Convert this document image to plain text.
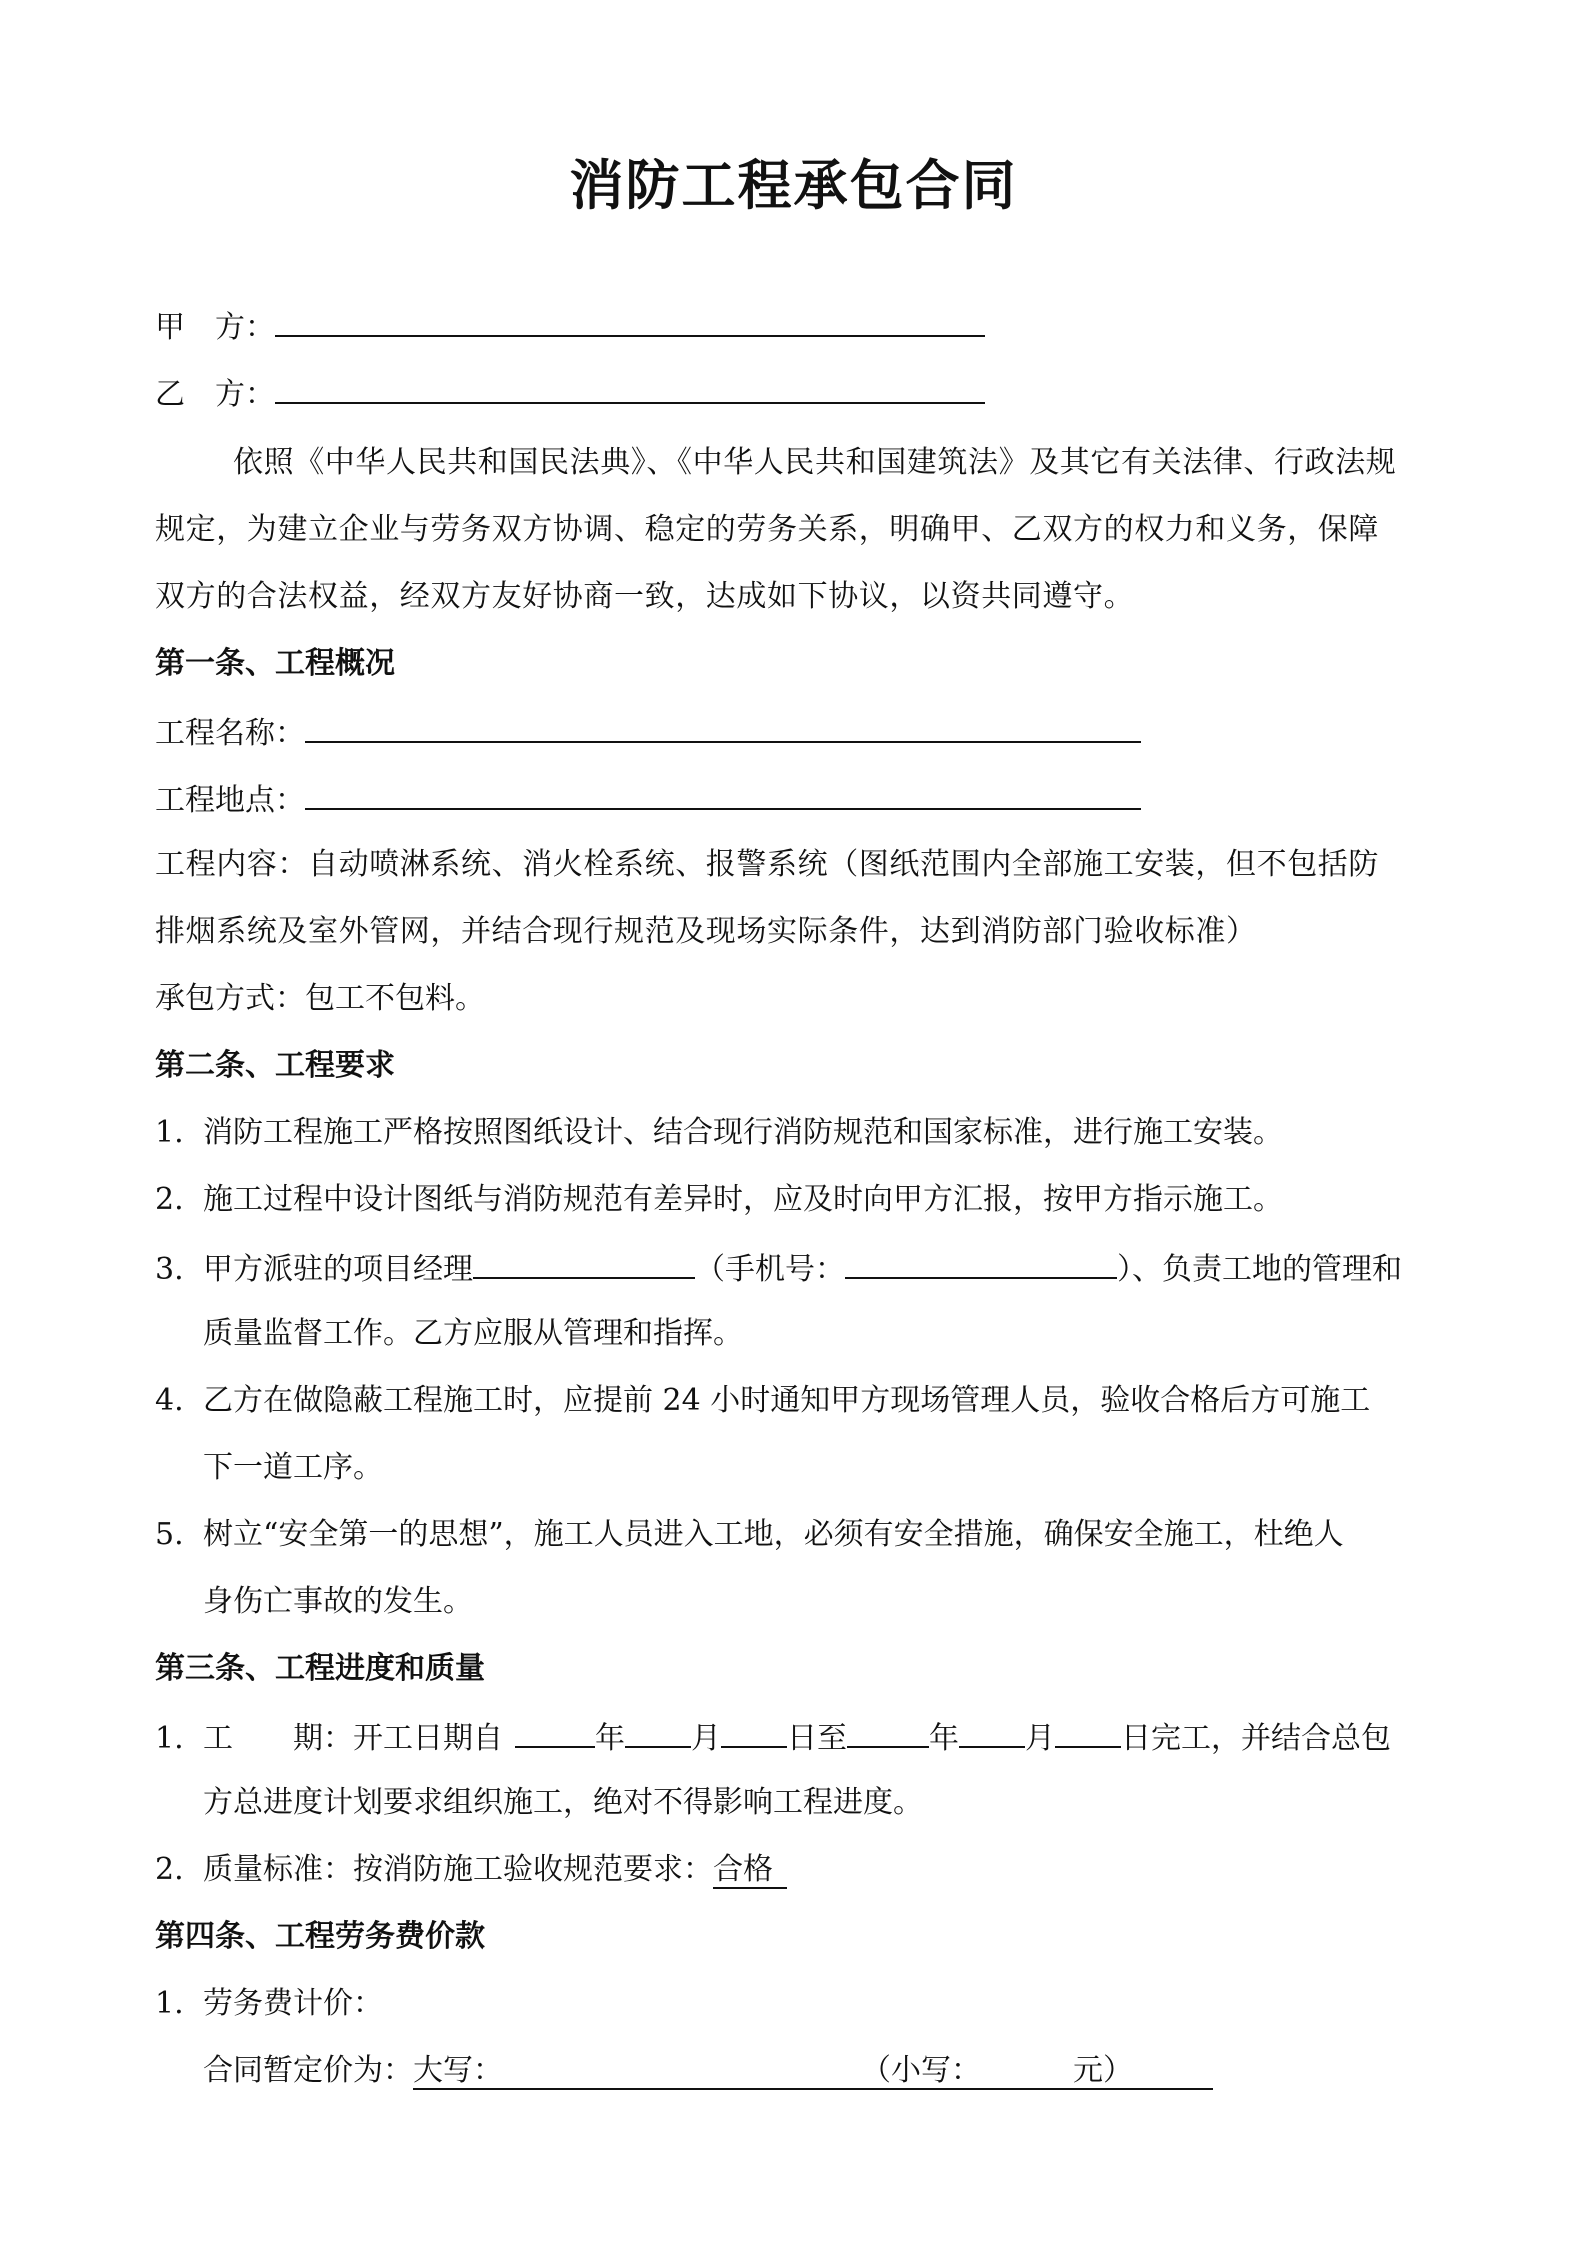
消防工程承包合同
甲　方：
乙　方：
依照《中华人民共和国民法典》、《中华人民共和国建筑法》及其它有关法律、行政法规
规定，为建立企业与劳务双方协调、稳定的劳务关系，明确甲、乙双方的权力和义务，保障
双方的合法权益，经双方友好协商一致，达成如下协议，以资共同遵守。
第一条、工程概况
工程名称：
工程地点：
工程内容：自动喷淋系统、消火栓系统、报警系统（图纸范围内全部施工安装，但不包括防
排烟系统及室外管网，并结合现行规范及现场实际条件，达到消防部门验收标准）
承包方式：包工不包料。
第二条、工程要求
1. 消防工程施工严格按照图纸设计、结合现行消防规范和国家标准，进行施工安装。
2. 施工过程中设计图纸与消防规范有差异时，应及时向甲方汇报，按甲方指示施工。
3. 甲方派驻的项目经理	（手机号：	）、负责工地的管理和
质量监督工作。乙方应服从管理和指挥。
4. 乙方在做隐蔽工程施工时，应提前 24 小时通知甲方现场管理人员，验收合格后方可施工
下一道工序。
5. 树立“安全第一的思想”，施工人员进入工地，必须有安全措施，确保安全施工，杜绝人
身伤亡事故的发生。
第三条、工程进度和质量
1. 工　　期：开工日期自	年 月 日至	年 月 日完工，并结合总包
方总进度计划要求组织施工，绝对不得影响工程进度。
2. 质量标准：按消防施工验收规范要求：合格
第四条、工程劳务费价款
1. 劳务费计价：
合同暂定价为：大写：	（小写：	元）
